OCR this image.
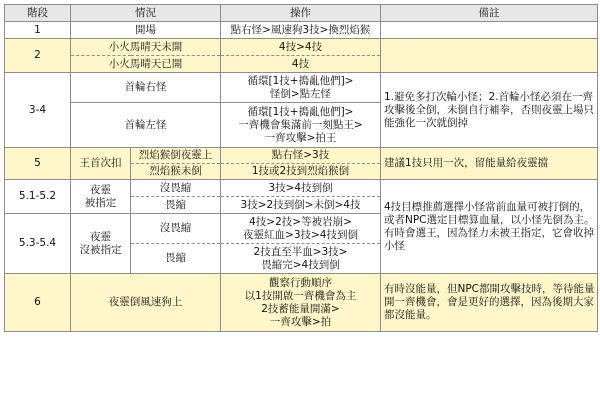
階段	情況		操作	備註
1	開場		點右怪>風速狗3技>換烈焰猴	
2	小火馬晴天未開		4技>4技	
	小火馬晴天已開		4技	
3-4	首輪右怪		循環[1技+搗亂他們]>
怪倒>點左怪	1.避免多打次輪小怪；2.首輪小怪必須在一齊攻擊後全倒，未倒自行補拳，否則夜靈上場只能強化一次就倒掉
	首輪左怪		循環[1技+搗亂他們]>
一齊機會集滿前一刻點王>
一齊攻擊>拍王	

5	王首次扣	烈焰猴倒夜靈上	點右怪>3技	建議1技只用一次，留能量給夜靈擋
		烈焰猴未倒	1技或2技到烈焰猴倒	
5.1-5.2	夜靈
被指定	沒畏縮	3技>4技到倒	4技目標推薦選擇小怪當前血量可被打倒的，或者NPC選定目標算血量，以小怪先倒為主。有時會選王，因為怪力未被王指定，它會收掉小怪
		畏縮	3技>2技到倒>未倒>4技	
5.3-5.4	夜靈
沒被指定	沒畏縮	4技>2技>等被岩崩>
夜靈紅血>3技>4技到倒	

		畏縮	2技直至半血>3技>
畏縮完>4技到倒	

6	夜靈倒風速狗上		觀察行動順序
以1技開啟一齊機會為主
2技蓄能量開滿>
一齊攻擊>拍	有時沒能量，但NPC都開攻擊技時，等待能量開一齊機會，會是更好的選擇，因為後期大家都沒能量。
